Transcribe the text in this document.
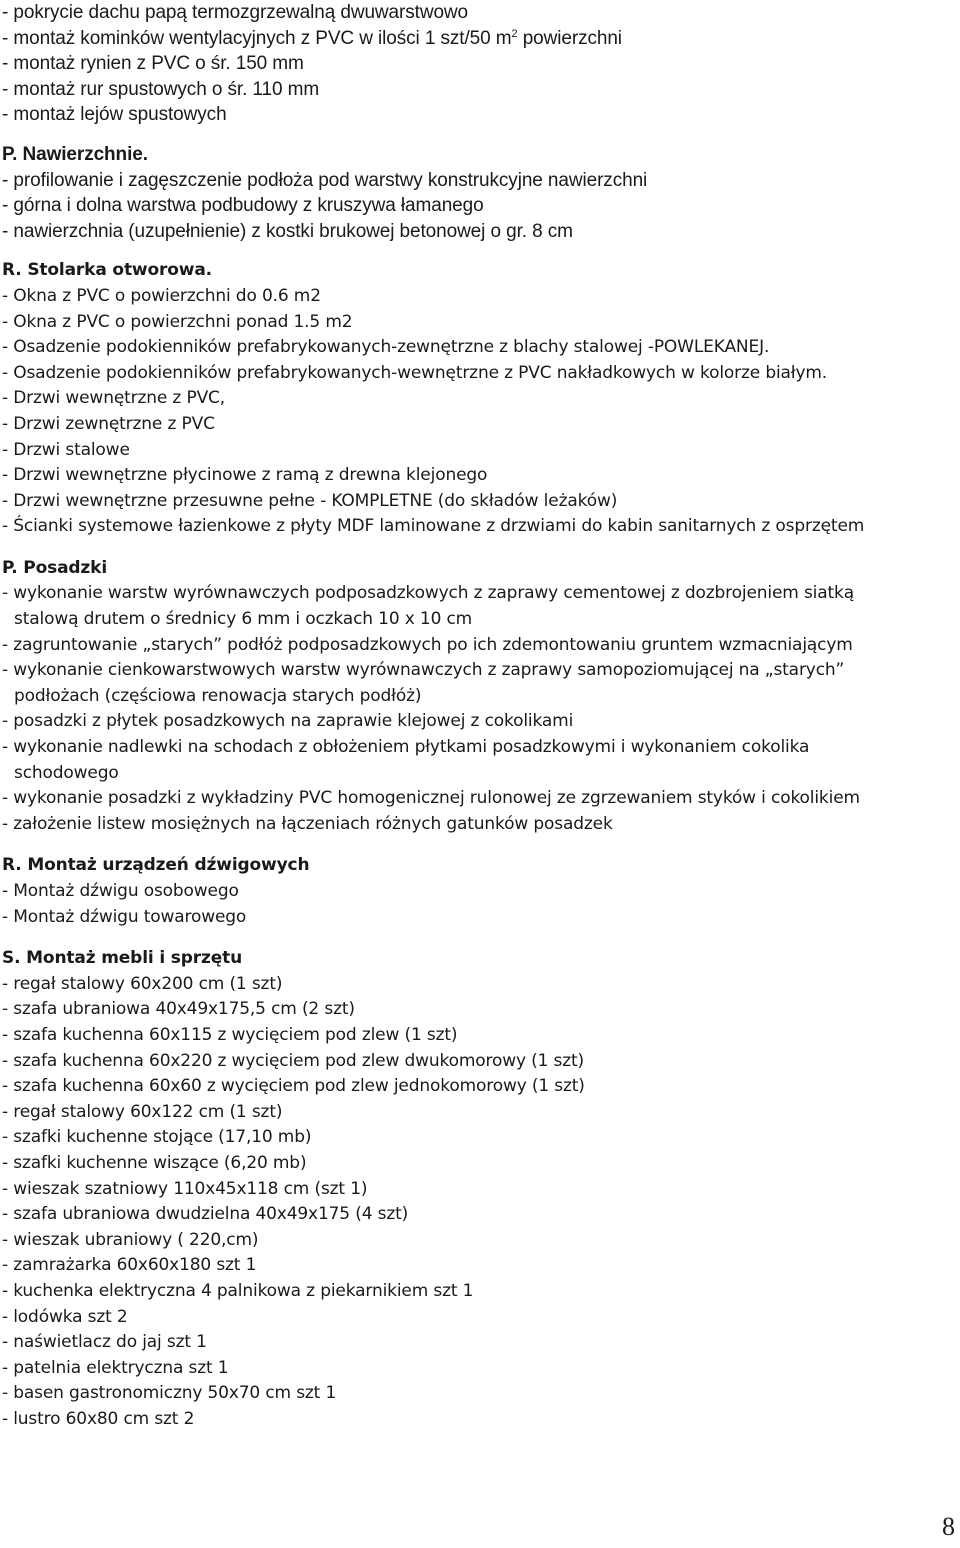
- pokrycie dachu papą termozgrzewalną dwuwarstwowo
- montaż kominków wentylacyjnych z PVC w ilości 1 szt/50 $m^2$ powierzchni
- montaż rynien z PVC o śr. 150 mm
- montaż rur spustowych o śr. 110 mm
- montaż lejów spustowych
P. Nawierzchnie.
- profilowanie i zagęszczenie podłoża pod warstwy konstrukcyjne nawierzchni
- górna i dolna warstwa podbudowy z kruszywa łamanego
- nawierzchnia (uzupełnienie) z kostki brukowej betonowej o gr. 8 cm
R. Stolarka otworowa.
- Okna z PVC o powierzchni do 0.6 m2
- Okna z PVC o powierzchni ponad 1.5 m2
- Osadzenie podokienników prefabrykowanych-zewnętrzne z blachy stalowej -POWLEKANEJ.
- Osadzenie podokienników prefabrykowanych-wewnętrzne z PVC nakładkowych w kolorze białym.
- Drzwi wewnętrzne z PVC,
- Drzwi zewnętrzne z PVC
- Drzwi stalowe
- Drzwi wewnętrzne płycinowe z ramą z drewna klejonego
- Drzwi wewnętrzne przesuwne pełne - KOMPLETNE (do składów leżaków)
- Ścianki systemowe łazienkowe z płyty MDF laminowane z drzwiami do kabin sanitarnych z osprzętem
P. Posadzki
- wykonanie warstw wyrównawczych podposadzkowych z zaprawy cementowej z dozbrojeniem siatką
stalową drutem o średnicy 6 mm i oczkach 10 x 10 cm
- zagruntowanie „starych” podłóż podposadzkowych po ich zdemontowaniu gruntem wzmacniającym
- wykonanie cienkowarstwowych warstw wyrównawczych z zaprawy samopoziomującej na „starych”
podłożach (częściowa renowacja starych podłóż)
- posadzki z płytek posadzkowych na zaprawie klejowej z cokolikami
- wykonanie nadlewki na schodach z obłożeniem płytkami posadzkowymi i wykonaniem cokolika
schodowego
- wykonanie posadzki z wykładziny PVC homogenicznej rulonowej ze zgrzewaniem styków i cokolikiem
- założenie listew mosiężnych na łączeniach różnych gatunków posadzek
R. Montaż urządzeń dźwigowych
- Montaż dźwigu osobowego
- Montaż dźwigu towarowego
S. Montaż mebli i sprzętu
- regał stalowy 60x200 cm (1 szt)
- szafa ubraniowa 40x49x175,5 cm (2 szt)
- szafa kuchenna 60x115 z wycięciem pod zlew (1 szt)
- szafa kuchenna 60x220 z wycięciem pod zlew dwukomorowy (1 szt)
- szafa kuchenna 60x60 z wycięciem pod zlew jednokomorowy (1 szt)
- regał stalowy 60x122 cm (1 szt)
- szafki kuchenne stojące (17,10 mb)
- szafki kuchenne wiszące (6,20 mb)
- wieszak szatniowy 110x45x118 cm (szt 1)
- szafa ubraniowa dwudzielna 40x49x175 (4 szt)
- wieszak ubraniowy ( 220,cm)
- zamrażarka 60x60x180 szt 1
- kuchenka elektryczna 4 palnikowa z piekarnikiem szt 1
- lodówka szt 2
- naświetlacz do jaj szt 1
- patelnia elektryczna szt 1
- basen gastronomiczny 50x70 cm szt 1
- lustro 60x80 cm szt 2
8
